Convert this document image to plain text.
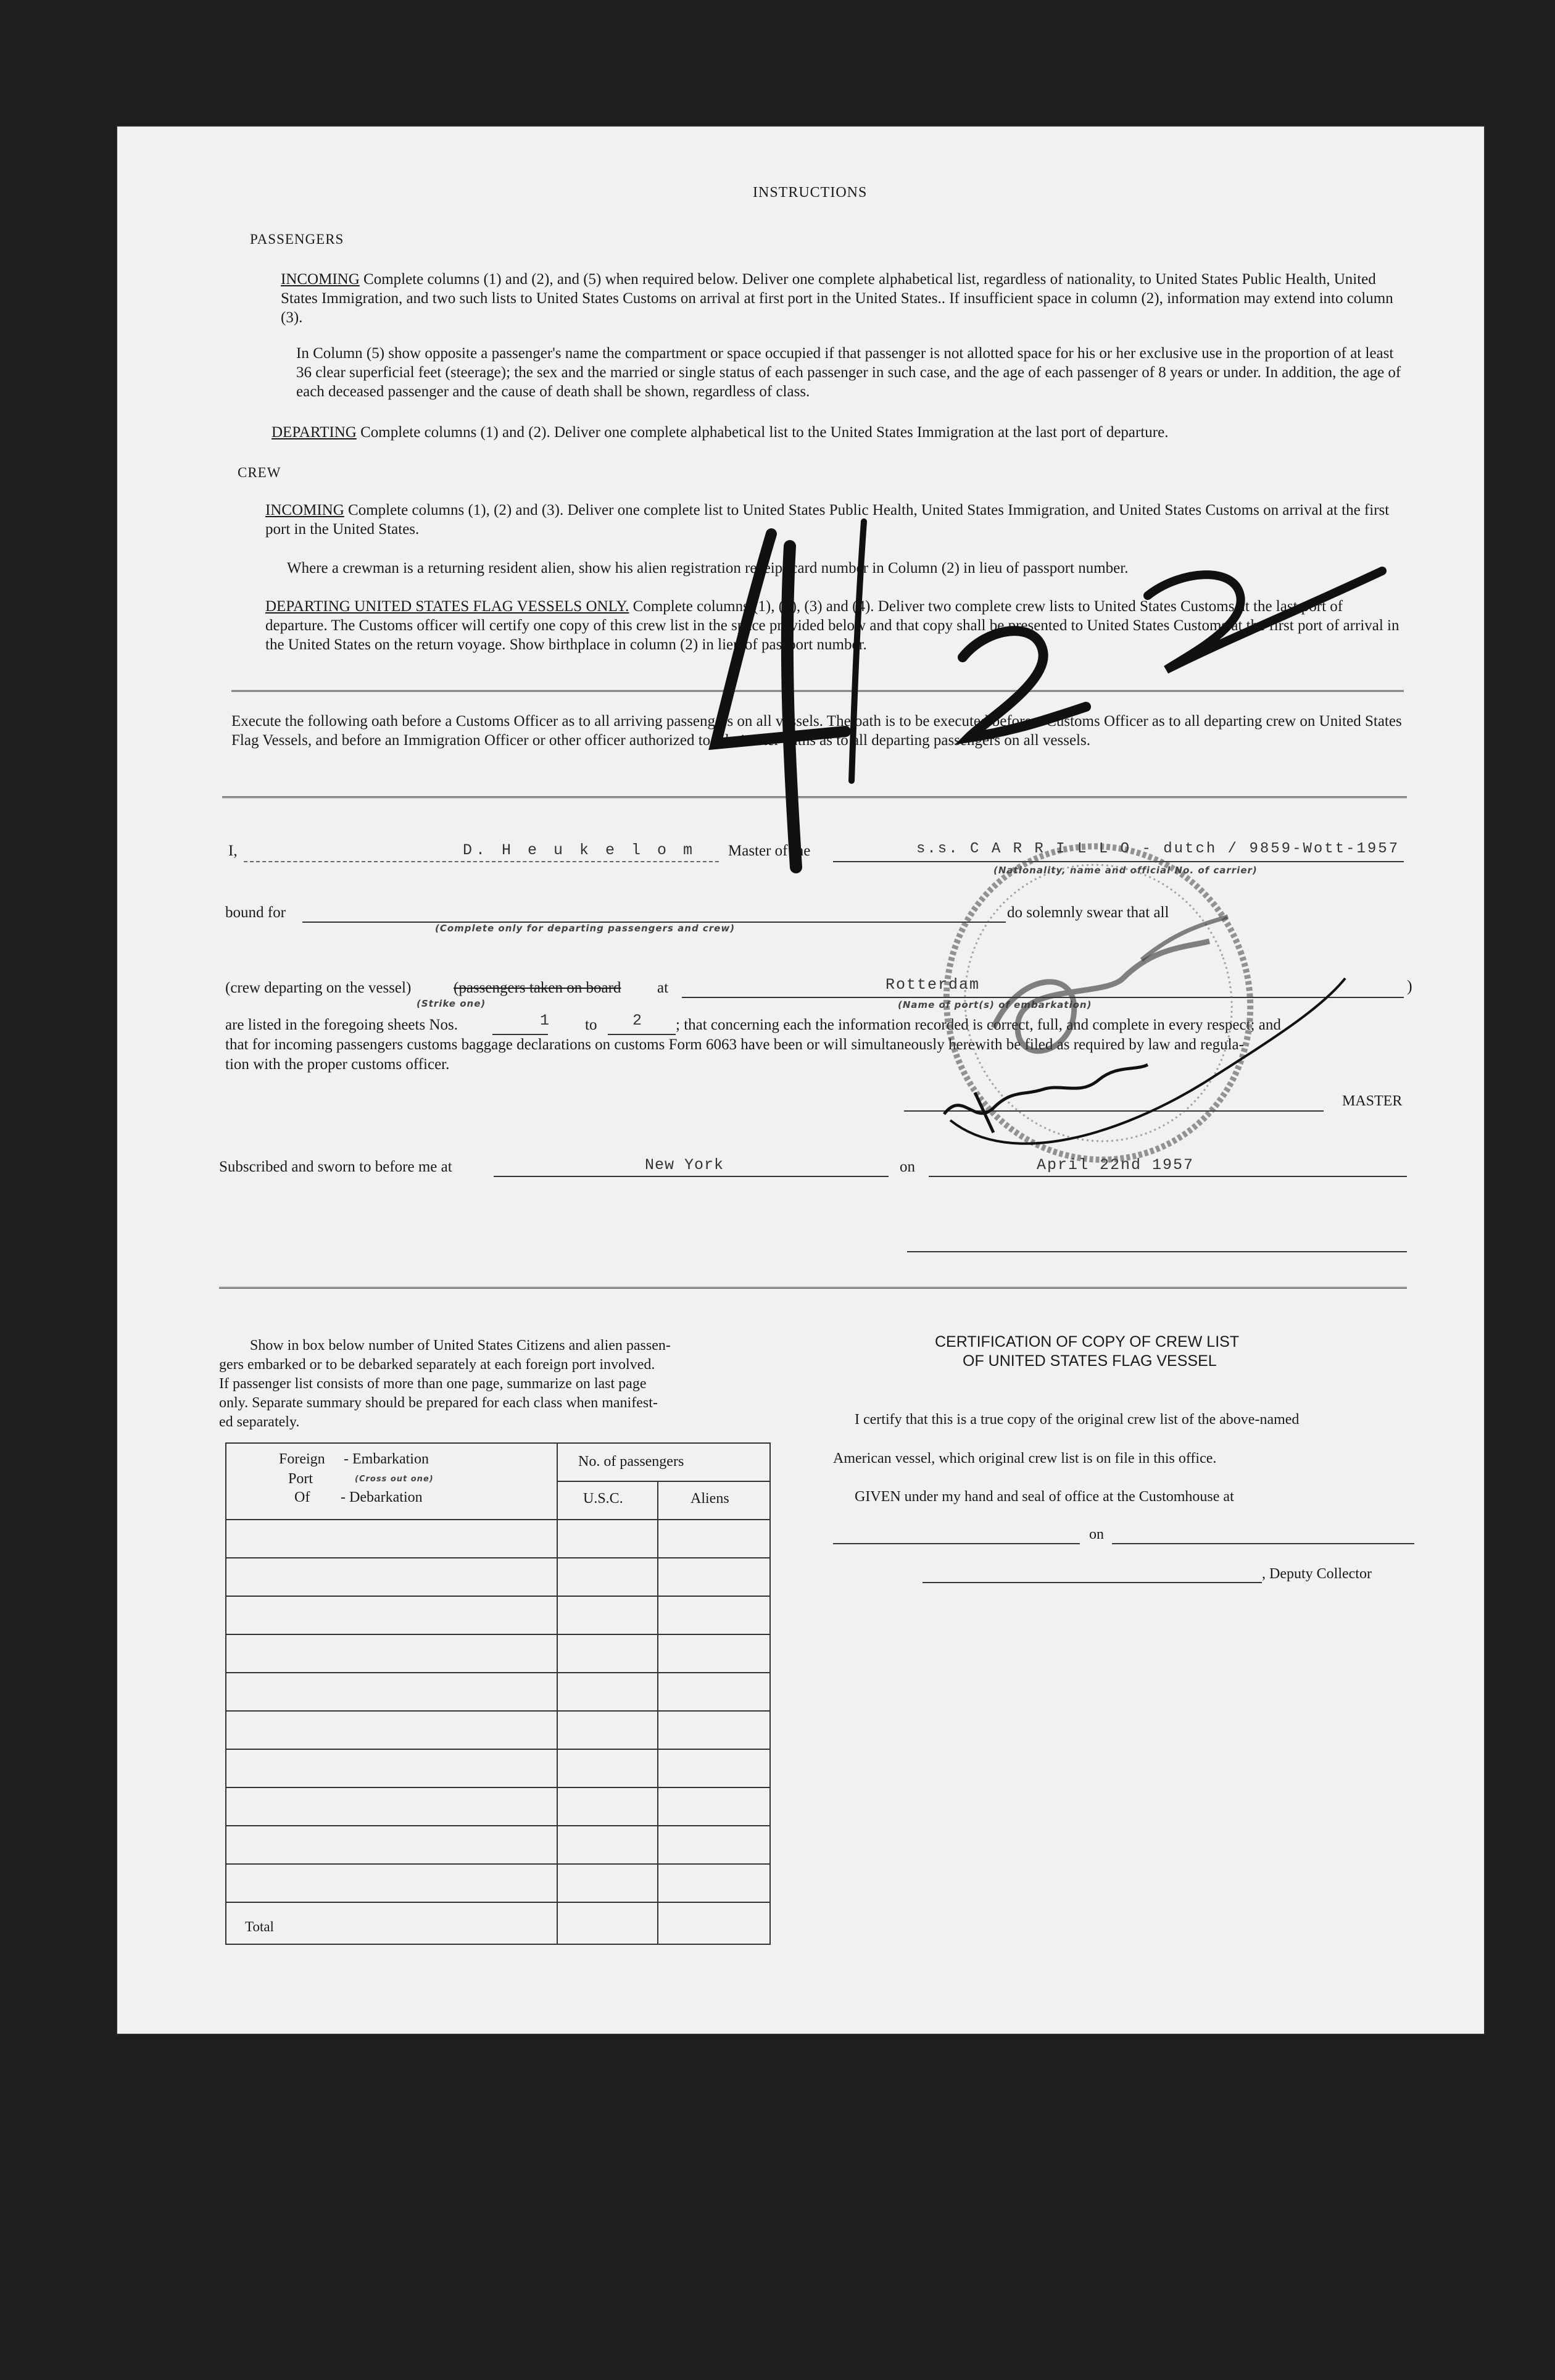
INSTRUCTIONS
PASSENGERS
INCOMING Complete columns (1) and (2), and (5) when required below. Deliver one complete alphabetical list, regardless of nationality, to United States Public Health, United States Immigration, and two such lists to United States Customs on arrival at first port in the United States.. If insufficient space in column (2), information may extend into column (3).
In Column (5) show opposite a passenger's name the compartment or space occupied if that passenger is not allotted space for his or her exclusive use in the proportion of at least 36 clear superficial feet (steerage); the sex and the married or single status of each passenger in such case, and the age of each passenger of 8 years or under. In addition, the age of each deceased passenger and the cause of death shall be shown, regardless of class.
DEPARTING Complete columns (1) and (2). Deliver one complete alphabetical list to the United States Immigration at the last port of departure.
CREW
INCOMING Complete columns (1), (2) and (3). Deliver one complete list to United States Public Health, United States Immigration, and United States Customs on arrival at the first port in the United States.
Where a crewman is a returning resident alien, show his alien registration receipt card number in Column (2) in lieu of passport number.
DEPARTING UNITED STATES FLAG VESSELS ONLY. Complete columns (1), (2), (3) and (4). Deliver two complete crew lists to United States Customs at the last port of departure. The Customs officer will certify one copy of this crew list in the space provided below and that copy shall be presented to United States Customs at the first port of arrival in the United States on the return voyage. Show birthplace in column (2) in lieu of passport number.
Execute the following oath before a Customs Officer as to all arriving passengers on all vessels. The oath is to be executed before a Customs Officer as to all departing crew on United States Flag Vessels, and before an Immigration Officer or other officer authorized to administer oaths as to all departing passengers on all vessels.
I,	D. H e u k e l o m Master of the	s.s. C A R R I L L O - dutch / 9859-Wott-1957
(Nationality, name and official No. of carrier)
bound for
(Complete only for departing passengers and crew)
do solemnly swear that all
(crew departing on the vessel)	(passengers taken on board at
(Strike one)
Rotterdam
(Name of port(s) of embarkation)
)
are listed in the foregoing sheets Nos.	1 to 2 ; that concerning each the information recorded is correct, full, and complete in every respect; and
that for incoming passengers customs baggage declarations on customs Form 6063 have been or will simultaneously herewith be filed as required by law and regula-
tion with the proper customs officer.
MASTER
Subscribed and sworn to before me at	New York	on	April 22nd 1957
Show in box below number of United States Citizens and alien passen-
gers embarked or to be debarked separately at each foreign port involved.
If passenger list consists of more than one page, summarize on last page
only. Separate summary should be prepared for each class when manifest-
ed separately.
Foreign - Embarkation
Port	(Cross out one)
Of - Debarkation
No. of passengers
U.S.C.	Aliens
Total
CERTIFICATION OF COPY OF CREW LIST
OF UNITED STATES FLAG VESSEL
I certify that this is a true copy of the original crew list of the above-named
American vessel, which original crew list is on file in this office.
GIVEN under my hand and seal of office at the Customhouse at
on
, Deputy Collector
